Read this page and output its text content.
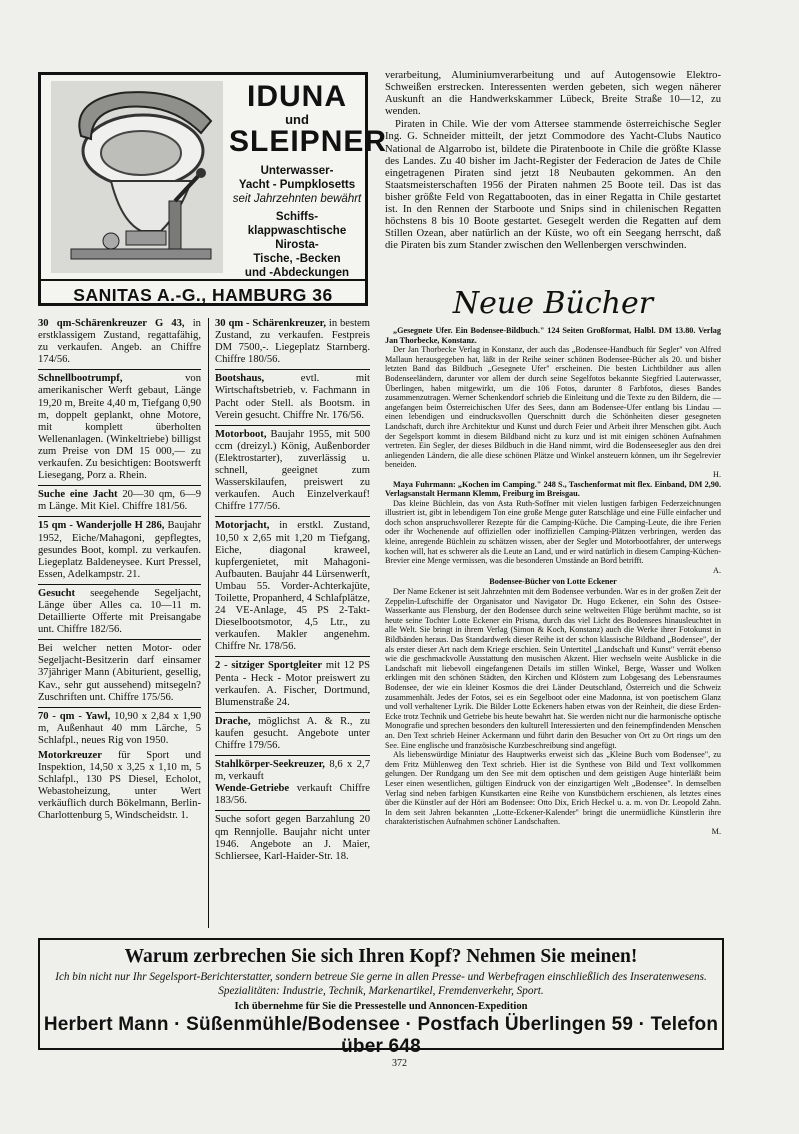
IDUNA
und
SLEIPNER
Unterwasser-
Yacht - Pumpklosetts
seit Jahrzehnten bewährt
Schiffs-
klappwaschtische
Nirosta-
Tische, -Becken
und -Abdeckungen
SANITAS A.-G., HAMBURG 36
30 qm-Schärenkreuzer G 43, in erstklassigem Zustand, regattafähig, zu verkaufen. Angeb. an Chiffre 174/56.
Schnellbootrumpf,	von amerikanischer Werft gebaut, Länge 19,20 m, Breite 4,40 m, Tiefgang 0,90 m, doppelt geplankt, ohne Motore, mit komplett überholten Wellenanlagen. (Winkeltriebe) billigst zum Preise von DM 15 000,— zu verkaufen. Zu besichtigen: Bootswerft Liesegang, Porz a. Rhein.
Suche eine Jacht 20—30 qm, 6—9 m Länge. Mit Kiel. Chiffre 181/56.
15 qm - Wanderjolle H 286, Baujahr 1952, Eiche/Mahagoni, gepflegtes, gesundes Boot, kompl. zu verkaufen. Liegeplatz Baldeneysee. Kurt Pressel, Essen, Adelkampstr. 21.
Gesucht seegehende Segeljacht, Länge über Alles ca. 10—11 m. Detaillierte Offerte mit Preisangabe unt. Chiffre 182/56.
Bei welcher netten Motor- oder Segeljacht-Besitzerin darf einsamer 37jähriger Mann (Abiturient, gesellig, Kav., sehr gut aussehend) mitsegeln? Zuschriften unt. Chiffre 175/56.
70 - qm - Yawl, 10,90 x 2,84 x 1,90 m, Außenhaut 40 mm Lärche, 5 Schlafpl., neues Rig von 1950.
Motorkreuzer für Sport und Inspektion, 14,50 x 3,25 x 1,10 m, 5 Schlafpl., 130 PS Diesel, Echolot, Webastoheizung, unter Wert verkäuflich durch Bökelmann, Berlin-Charlottenburg 5, Windscheidstr. 1.
30 qm - Schärenkreuzer, in bestem Zustand, zu verkaufen. Festpreis DM 7500,-. Liegeplatz Starnberg. Chiffre 180/56.
Bootshaus,	evtl. mit Wirtschaftsbetrieb, v. Fachmann in Pacht oder Stell. als Bootsm. in Verein gesucht. Chiffre Nr. 176/56.
Motorboot, Baujahr 1955, mit 500 ccm (dreizyl.) König, Außenborder (Elektrostarter), zuverlässig u. schnell, geeignet zum Wasserskilaufen, preiswert zu verkaufen. Auch Einzelverkauf! Chiffre 177/56.
Motorjacht, in erstkl. Zustand, 10,50 x 2,65 mit 1,20 m Tiefgang, Eiche, diagonal kraweel, kupfergenietet, mit Mahagoni-Aufbauten. Baujahr 44 Lürsenwerft, Umbau 55. Vorder-Achterkajüte, Toilette, Propanherd, 4 Schlafplätze, 24 VE-Anlage, 45 PS 2-Takt-Dieselbootsmotor, 4,5 Ltr., zu verkaufen. Makler angenehm. Chiffre Nr. 178/56.
2 - sitziger Sportgleiter mit 12 PS Penta - Heck - Motor preiswert zu verkaufen. A. Fischer, Dortmund, Blumenstraße 24.
Drache, möglichst A. & R., zu kaufen gesucht. Angebote unter Chiffre 179/56.
Stahlkörper-Seekreuzer, 8,6 x 2,7 m, verkauft
Wende-Getriebe verkauft Chiffre 183/56.
Suche sofort gegen Barzahlung 20 qm Rennjolle. Baujahr nicht unter 1946. Angebote an J. Maier, Schliersee, Karl-Haider-Str. 18.

verarbeitung, Aluminiumverarbeitung und auf Autogensowie Elektro-Schweißen erstrecken. Interessenten werden gebeten, sich wegen näherer Auskunft an die Handwerkskammer Lübeck, Breite Straße 10—12, zu wenden.

Piraten in Chile. Wie der vom Attersee stammende österreichische Segler Ing. G. Schneider mitteilt, der jetzt Commodore des Yacht-Clubs Nautico National de Algarrobo ist, bildete die Piratenboote in Chile die größte Klasse des Landes. Zu 40 bisher im Jacht-Register der Federacion de Jates de Chile eingetragenen Piraten sind jetzt 18 Neubauten gekommen. An den Staatsmeisterschaften 1956 der Piraten nahmen 25 Boote teil. Das ist das bisher größte Feld von Regattabooten, das in einer Regatta in Chile gestartet ist. In den Rennen der Starboote und Snips sind in chilenischen Regatten höchstens 8 bis 10 Boote gestartet. Gesegelt werden die Regatten auf dem Stillen Ozean, aber natürlich an der Küste, wo oft ein Seegang herrscht, daß die Piraten bis zum Stander zwischen den Wellenbergen verschwinden.

Neue Bücher

„Gesegnete Ufer. Ein Bodensee-Bildbuch." 124 Seiten Großformat, Halbl. DM 13.80. Verlag Jan Thorbecke, Konstanz.

Der Jan Thorbecke Verlag in Konstanz, der auch das „Bodensee-Handbuch für Segler" von Alfred Mallaun herausgegeben hat, läßt in der Reihe seiner schönen Bodensee-Bücher als 20. und bisher letzten Band das Bildbuch „Gesegnete Ufer" erscheinen. Die besten Lichtbildner aus allen Bodenseeländern, darunter vor allem der durch seine Segelfotos bekannte Siegfried Lauterwasser, Überlingen, haben mitgewirkt, um die 106 Fotos, darunter 8 Farbfotos, dieses Bandes zusammenzutragen. Werner Schenkendorf schrieb die Einleitung und die Texte zu den Bildern, die — angefangen beim Österreichischen Ufer des Sees, dann am Bodensee-Ufer entlang bis Lindau — einen lebendigen und eindrucksvollen Querschnitt durch die Schönheiten dieser gesegneten Landschaft, durch ihre Architektur und Kunst und durch Feier und Arbeit ihrer Menschen gibt. Auch der Segelsport kommt in diesem Bildband nicht zu kurz und ist mit einigen schönen Aufnahmen vertreten. Ein Segler, der dieses Bildbuch in die Hand nimmt, wird die Bodenseesegler aus den drei anliegenden Ländern, die alle diese schönen Plätze und Winkel ansteuern können, um ihr Segelrevier beneiden.

H.

Maya Fuhrmann: „Kochen im Camping." 248 S., Taschenformat mit flex. Einband, DM 2,90. Verlagsanstalt Hermann Klemm, Freiburg im Breisgau.

Das kleine Büchlein, das von Asta Ruth-Soffner mit vielen lustigen farbigen Federzeichnungen illustriert ist, gibt in lebendigem Ton eine große Menge guter Ratschläge und eine Fülle einfacher und doch schon anspruchsvollerer Rezepte für die Camping-Küche. Die Camping-Leute, die ihre Ferien oder ihr Wochenende auf offiziellen oder inoffiziellen Camping-Plätzen verbringen, werden das kleine, anregende Büchlein zu schätzen wissen, aber der Segler und Motorbootfahrer, der unterwegs kochen will, hat es schwerer als die Leute an Land, und er wird natürlich in diesem Camping-Küchen-Brevier eine Menge vermissen, was die besonderen Umstände an Bord betrifft.

A.

Bodensee-Bücher von Lotte Eckener

Der Name Eckener ist seit Jahrzehnten mit dem Bodensee verbunden. War es in der großen Zeit der Zeppelin-Luftschiffe der Organisator und Navigator Dr. Hugo Eckener, ein Sohn des Ostsee-Wasserkante aus Flensburg, der den Bodensee durch seine weltweiten Flüge berühmt machte, so ist heute seine Tochter Lotte Eckener ein Prisma, durch das viel Licht des Bodensees hinausleuchtet in alle Welt. Sie bringt in ihrem Verlag (Simon & Koch, Konstanz) auch die Werke ihrer Fotokunst in Bildbänden heraus. Das Standardwerk dieser Reihe ist der schon klassische Bildband „Bodensee", der als erster dieser Art nach dem Kriege erschien. Sein Untertitel „Landschaft und Kunst" verrät ebenso wie die geschmackvolle Ausstattung den musischen Akzent. Hier wechseln weite Ausblicke in die Landschaft mit liebevoll eingefangenen Details im stillen Winkel, Berge, Wasser und Wolken erklingen mit den schönen Städten, den Kirchen und Klöstern zum Lobgesang des Lebensraumes Bodensee, der wie ein kleiner Kosmos die drei Länder Deutschland, Österreich und die Schweiz zusammenhält. Jedes der Fotos, sei es ein Segelboot oder eine Madonna, ist von poetischem Glanz und voll verhaltener Lyrik. Die Bilder Lotte Eckeners haben etwas von der Reinheit, die diese Erden-Ecke trotz Technik und Getriebe bis heute bewahrt hat. Sie werden nicht nur die harmonische optische Monografie und sprechen besonders den kulturell Interessierten und den feinempfindenden Menschen an. Den Text schrieb Heiner Ackermann und führt darin den Besucher von Ort zu Ort rings um den See. Eine englische und französische Kurzbeschreibung sind angefügt.

Als liebenswürdige Miniatur des Hauptwerks erweist sich das „Kleine Buch vom Bodensee", zu dem Fritz Mühlenweg den Text schrieb. Hier ist die Synthese von Bild und Text vollkommen gelungen. Der Rundgang um den See mit dem optischen und dem geistigen Auge hinterläßt beim Leser einen wesentlichen, gültigen Eindruck von der einzigartigen Welt „Bodensee". In demselben Verlag sind neben farbigen Kunstkarten eine Reihe von Kunstbüchern erschienen, als letztes eines über die Künstler auf der Höri am Bodensee: Otto Dix, Erich Heckel u. a. m. von Dr. Leopold Zahn. In dem seit Jahren bekannten „Lotte-Eckener-Kalender" bringt die unermüdliche Künstlerin ihre charakteristischen Aufnahmen schöner Landschaften.

M.

Warum zerbrechen Sie sich Ihren Kopf? Nehmen Sie meinen!
Ich bin nicht nur Ihr Segelsport-Berichterstatter, sondern betreue Sie gerne in allen Presse- und Werbefragen einschließlich des Inseratenwesens. Spezialitäten: Industrie, Technik, Markenartikel, Fremdenverkehr, Sport.
Ich übernehme für Sie die Pressestelle und Annoncen-Expedition
Herbert Mann · Süßenmühle/Bodensee · Postfach Überlingen 59 · Telefon über 648
372
